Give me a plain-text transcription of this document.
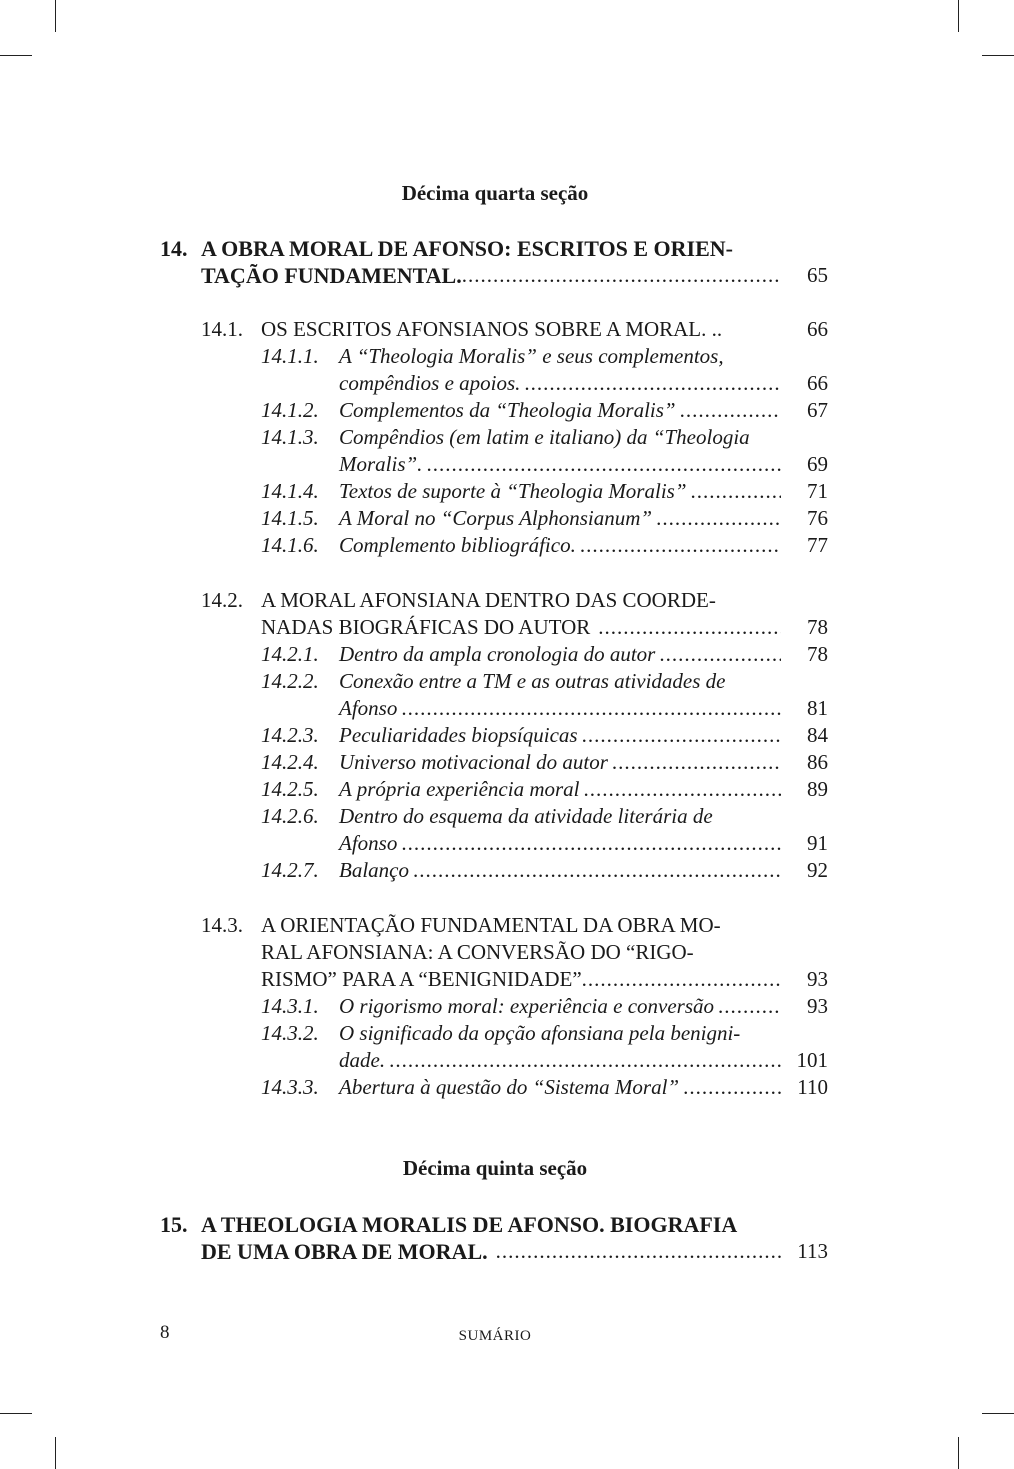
Décima quarta seção
14. A OBRA MORAL DE AFONSO: ESCRITOS E ORIEN-
TAÇÃO FUNDAMENTAL. .....	65
14.1. OS ESCRITOS AFONSIANOS SOBRE A MORAL. ..	66
14.1.1. A “Theologia Moralis” e seus complementos,
compêndios e apoios. .....	66
14.1.2. Complementos da “Theologia Moralis” .....	67
14.1.3. Compêndios (em latim e italiano) da “Theologia
Moralis”. .....	69
14.1.4. Textos de suporte à “Theologia Moralis” .....	71
14.1.5. A Moral no “Corpus Alphonsianum” .....	76
14.1.6. Complemento bibliográfico. .....	77
14.2. A MORAL AFONSIANA DENTRO DAS COORDE-
NADAS BIOGRÁFICAS DO AUTOR .....	78
14.2.1. Dentro da ampla cronologia do autor .....	78
14.2.2. Conexão entre a TM e as outras atividades de
Afonso .....	81
14.2.3. Peculiaridades biopsíquicas .....	84
14.2.4. Universo motivacional do autor .....	86
14.2.5. A própria experiência moral .....	89
14.2.6. Dentro do esquema da atividade literária de
Afonso .....	91
14.2.7. Balanço .....	92
14.3. A ORIENTAÇÃO FUNDAMENTAL DA OBRA MO-
RAL AFONSIANA: A CONVERSÃO DO “RIGO-
RISMO” PARA A “BENIGNIDADE” .....	93
14.3.1. O rigorismo moral: experiência e conversão .....	93
14.3.2. O significado da opção afonsiana pela benigni-
dade. .....	101
14.3.3. Abertura à questão do “Sistema Moral” .....	110
Décima quinta seção
15. A THEOLOGIA MORALIS DE AFONSO. BIOGRAFIA
DE UMA OBRA DE MORAL. .....	113
8	SUMÁRIO
